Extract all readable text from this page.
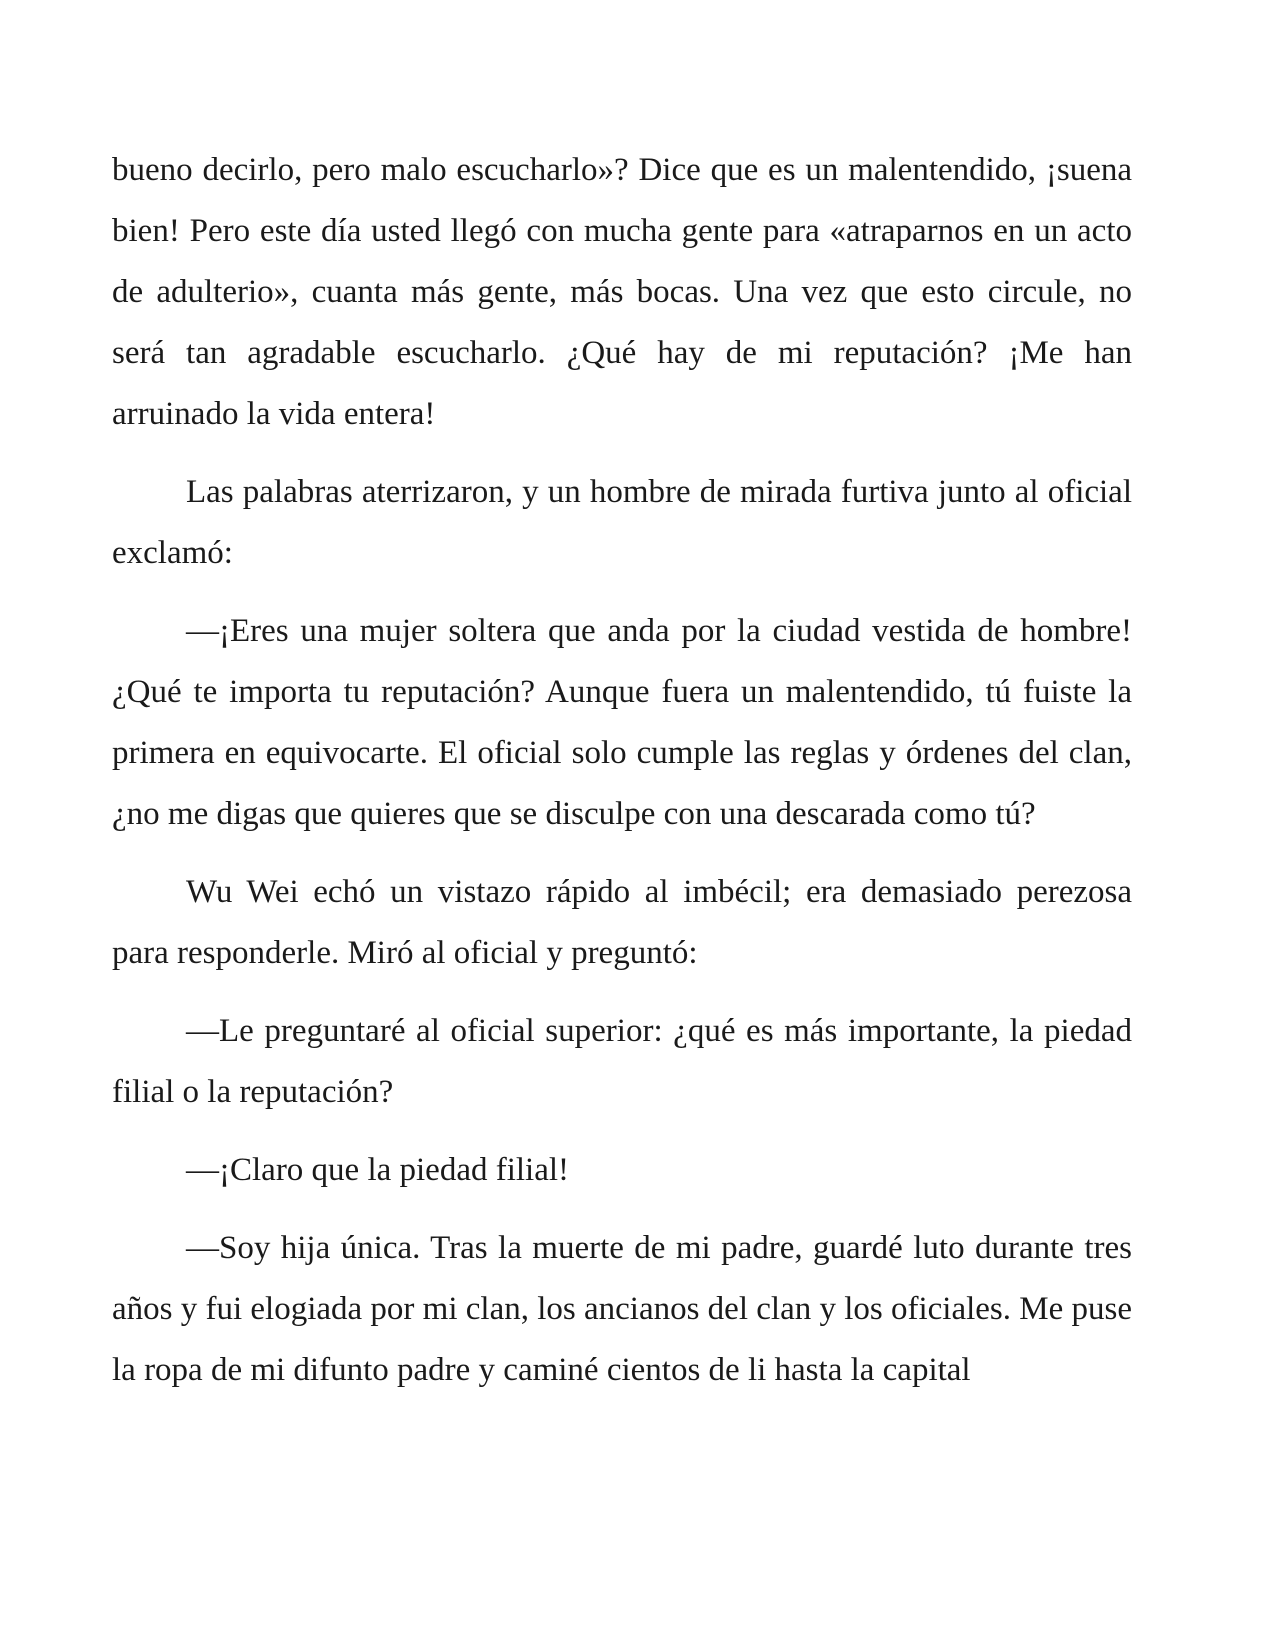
bueno decirlo, pero malo escucharlo»? Dice que es un malentendido, ¡suena bien! Pero este día usted llegó con mucha gente para «atraparnos en un acto de adulterio», cuanta más gente, más bocas. Una vez que esto circule, no será tan agradable escucharlo. ¿Qué hay de mi reputación? ¡Me han arruinado la vida entera!

Las palabras aterrizaron, y un hombre de mirada furtiva junto al oficial exclamó:

—¡Eres una mujer soltera que anda por la ciudad vestida de hombre! ¿Qué te importa tu reputación? Aunque fuera un malentendido, tú fuiste la primera en equivocarte. El oficial solo cumple las reglas y órdenes del clan, ¿no me digas que quieres que se disculpe con una descarada como tú?

Wu Wei echó un vistazo rápido al imbécil; era demasiado perezosa para responderle. Miró al oficial y preguntó:

—Le preguntaré al oficial superior: ¿qué es más importante, la piedad filial o la reputación?

—¡Claro que la piedad filial!

—Soy hija única. Tras la muerte de mi padre, guardé luto durante tres años y fui elogiada por mi clan, los ancianos del clan y los oficiales. Me puse la ropa de mi difunto padre y caminé cientos de li hasta la capital
